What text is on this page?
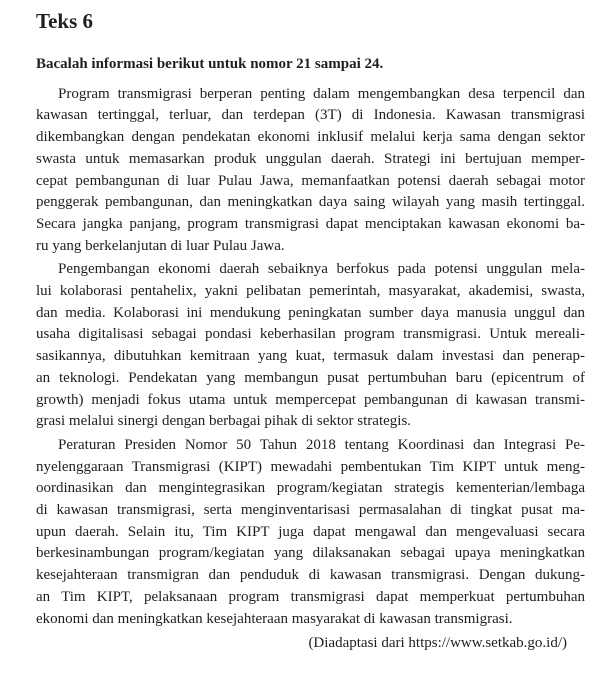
Teks 6

Bacalah informasi berikut untuk nomor 21 sampai 24.

Program transmigrasi berperan penting dalam mengembangkan desa terpencil dan
kawasan tertinggal, terluar, dan terdepan (3T) di Indonesia. Kawasan transmigrasi
dikembangkan dengan pendekatan ekonomi inklusif melalui kerja sama dengan sektor
swasta untuk memasarkan produk unggulan daerah. Strategi ini bertujuan memper-
cepat pembangunan di luar Pulau Jawa, memanfaatkan potensi daerah sebagai motor
penggerak pembangunan, dan meningkatkan daya saing wilayah yang masih tertinggal.
Secara jangka panjang, program transmigrasi dapat menciptakan kawasan ekonomi ba-
ru yang berkelanjutan di luar Pulau Jawa.
Pengembangan ekonomi daerah sebaiknya berfokus pada potensi unggulan mela-
lui kolaborasi pentahelix, yakni pelibatan pemerintah, masyarakat, akademisi, swasta,
dan media. Kolaborasi ini mendukung peningkatan sumber daya manusia unggul dan
usaha digitalisasi sebagai pondasi keberhasilan program transmigrasi. Untuk mereali-
sasikannya, dibutuhkan kemitraan yang kuat, termasuk dalam investasi dan penerap-
an teknologi. Pendekatan yang membangun pusat pertumbuhan baru (epicentrum of
growth) menjadi fokus utama untuk mempercepat pembangunan di kawasan transmi-
grasi melalui sinergi dengan berbagai pihak di sektor strategis.
Peraturan Presiden Nomor 50 Tahun 2018 tentang Koordinasi dan Integrasi Pe-
nyelenggaraan Transmigrasi (KIPT) mewadahi pembentukan Tim KIPT untuk meng-
oordinasikan dan mengintegrasikan program/kegiatan strategis kementerian/lembaga
di kawasan transmigrasi, serta menginventarisasi permasalahan di tingkat pusat ma-
upun daerah. Selain itu, Tim KIPT juga dapat mengawal dan mengevaluasi secara
berkesinambungan program/kegiatan yang dilaksanakan sebagai upaya meningkatkan
kesejahteraan transmigran dan penduduk di kawasan transmigrasi. Dengan dukung-
an Tim KIPT, pelaksanaan program transmigrasi dapat memperkuat pertumbuhan
ekonomi dan meningkatkan kesejahteraan masyarakat di kawasan transmigrasi.

(Diadaptasi dari https://www.setkab.go.id/)
